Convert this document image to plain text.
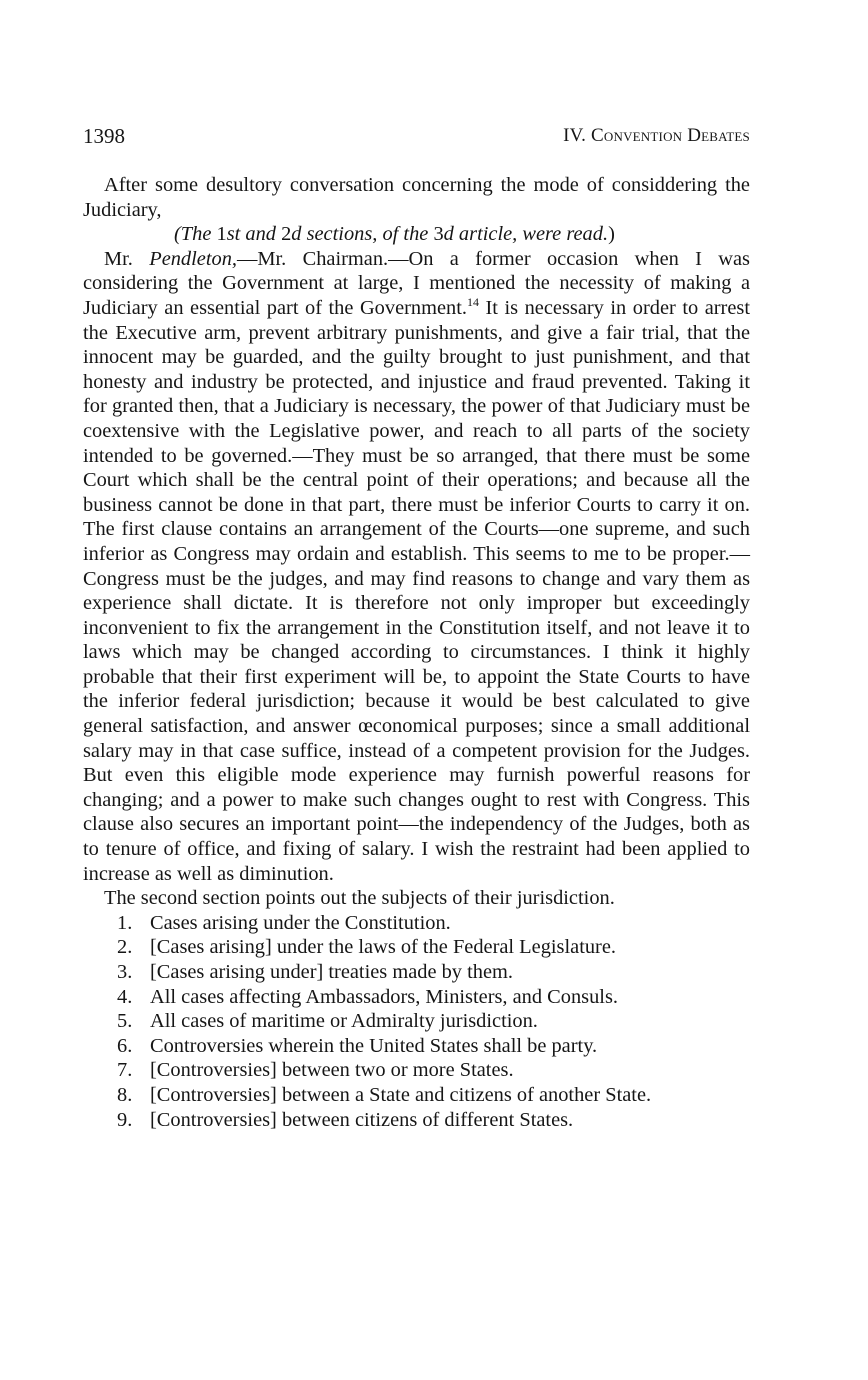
1398	IV. Convention Debates

After some desultory conversation concerning the mode of considdering the Judiciary,

(The 1st and 2d sections, of the 3d article, were read.)

Mr. Pendleton,—Mr. Chairman.—On a former occasion when I was considering the Government at large, I mentioned the necessity of making a Judiciary an essential part of the Government.$^{14}$ It is necessary in order to arrest the Executive arm, prevent arbitrary punishments, and give a fair trial, that the innocent may be guarded, and the guilty brought to just punishment, and that honesty and industry be protected, and injustice and fraud prevented. Taking it for granted then, that a Judiciary is necessary, the power of that Judiciary must be coextensive with the Legislative power, and reach to all parts of the society intended to be governed.—They must be so arranged, that there must be some Court which shall be the central point of their operations; and because all the business cannot be done in that part, there must be inferior Courts to carry it on. The first clause contains an arrangement of the Courts—one supreme, and such inferior as Congress may ordain and establish. This seems to me to be proper.— Congress must be the judges, and may find reasons to change and vary them as experience shall dictate. It is therefore not only improper but exceedingly inconvenient to fix the arrangement in the Constitution itself, and not leave it to laws which may be changed according to circumstances. I think it highly probable that their first experiment will be, to appoint the State Courts to have the inferior federal jurisdiction; because it would be best calculated to give general satisfaction, and answer œconomical purposes; since a small additional salary may in that case suffice, instead of a competent provision for the Judges. But even this eligible mode experience may furnish powerful reasons for changing; and a power to make such changes ought to rest with Congress. This clause also secures an important point—the independency of the Judges, both as to tenure of office, and fixing of salary. I wish the restraint had been applied to increase as well as diminution.

The second section points out the subjects of their jurisdiction.

1. Cases arising under the Constitution.
2. [Cases arising] under the laws of the Federal Legislature.
3. [Cases arising under] treaties made by them.
4. All cases affecting Ambassadors, Ministers, and Consuls.
5. All cases of maritime or Admiralty jurisdiction.
6. Controversies wherein the United States shall be party.
7. [Controversies] between two or more States.
8. [Controversies] between a State and citizens of another State.
9. [Controversies] between citizens of different States.
